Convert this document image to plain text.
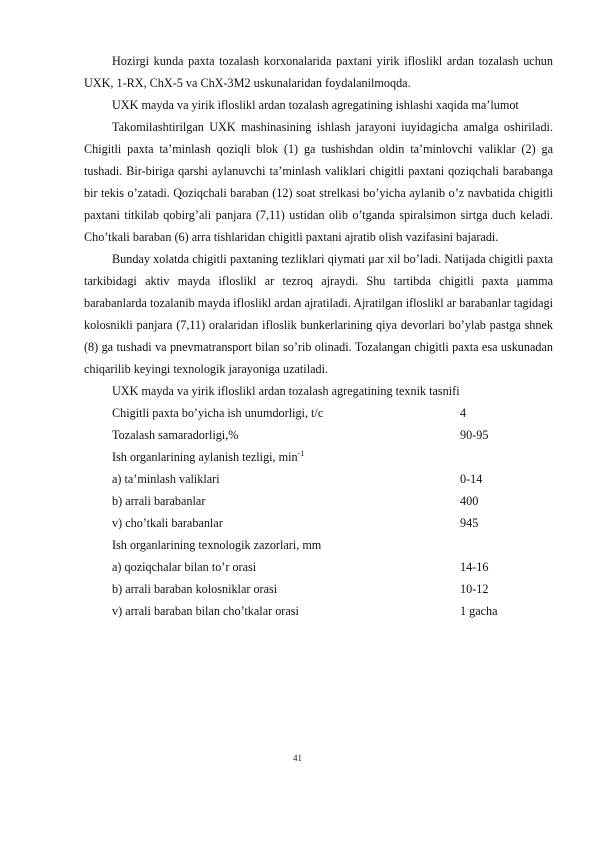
Hozirgi kunda paxta tozalash korxonalarida paxtani yirik ifloslikl ardan tozalash uchun UXK, 1-RX, ChX-5 va ChX-3M2 uskunalaridan foydalanilmoqda.

UXK mayda va yirik ifloslikl ardan tozalash agregatining ishlashi xaqida ma’lumot

Takomilashtirilgan UXK mashinasining ishlash jarayoni iuyidagicha amalga oshiriladi. Chigitli paxta ta’minlash qoziqli blok (1) ga tushishdan oldin ta’minlovchi valiklar (2) ga tushadi. Bir-biriga qarshi aylanuvchi ta’minlash valiklari chigitli paxtani qoziqchali barabanga bir tekis o’zatadi. Qoziqchali baraban (12) soat strelkasi bo’yicha aylanib o’z navbatida chigitli paxtani titkilab qobirg’ali panjara (7,11) ustidan olib o’tganda spiralsimon sirtga duch keladi. Cho’tkali baraban (6) arra tishlaridan chigitli paxtani ajratib olish vazifasini bajaradi.

Bunday xolatda chigitli paxtaning tezliklari qiymati μar xil bo’ladi. Natijada chigitli paxta tarkibidagi aktiv mayda ifloslikl ar tezroq ajraydi. Shu tartibda chigitli paxta μamma barabanlarda tozalanib mayda ifloslikl ardan ajratiladi. Ajratilgan ifloslikl ar barabanlar tagidagi kolosnikli panjara (7,11) oralaridan ifloslik bunkerlarining qiya devorlari bo’ylab pastga shnek (8) ga tushadi va pnevmatransport bilan so’rib olinadi. Tozalangan chigitli paxta esa uskunadan chiqarilib keyingi texnologik jarayoniga uzatiladi.

UXK mayda va yirik ifloslikl ardan tozalash agregatining texnik tasnifi

Chigitli paxta bo’yicha ish unumdorligi, t/c	4
Tozalash samaradorligi,%	90-95

Ish organlarining aylanish tezligi, $\min^{-1}$

a) ta’minlash valiklari	0-14
b) arrali barabanlar	400
v) cho’tkali barabanlar	945

Ish organlarining texnologik zazorlari, mm

a) qoziqchalar bilan to’r orasi	14-16
b) arrali baraban kolosniklar orasi	10-12
v) arrali baraban bilan cho’tkalar orasi	1 gacha
41
